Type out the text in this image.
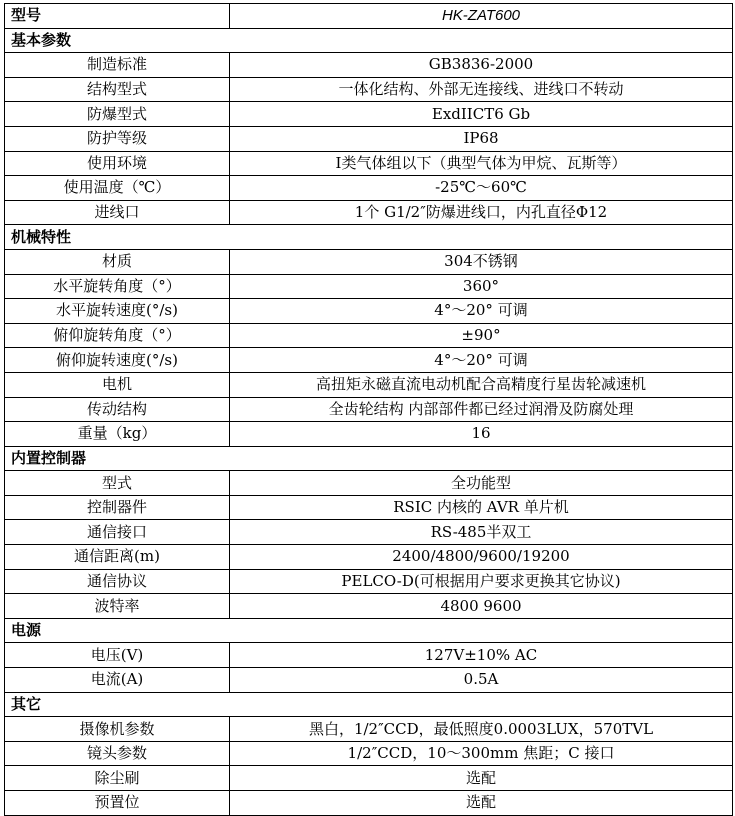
型号	HK-ZAT600
基本参数	
制造标准	GB3836-2000
结构型式	一体化结构、外部无连接线、进线口不转动
防爆型式	ExdIICT6 Gb
防护等级	IP68
使用环境	Ⅰ类气体组以下（典型气体为甲烷、瓦斯等）
使用温度（℃）	-25℃～60℃
进线口	1个 G1/2″防爆进线口，内孔直径Φ12
机械特性	
材质	304不锈钢
水平旋转角度（°）	360°
水平旋转速度(°/s)	4°～20° 可调
俯仰旋转角度（°）	±90°
俯仰旋转速度(°/s)	4°～20° 可调
电机	高扭矩永磁直流电动机配合高精度行星齿轮减速机
传动结构	全齿轮结构 内部部件都已经过润滑及防腐处理
重量（kg）	16
内置控制器	
型式	全功能型
控制器件	RSIC 内核的 AVR 单片机
通信接口	RS-485半双工
通信距离(m)	2400/4800/9600/19200
通信协议	PELCO-D(可根据用户要求更换其它协议)
波特率	4800 9600
电源	
电压(V)	127V±10% AC
电流(A)	0.5A
其它	
摄像机参数	黑白，1/2″CCD，最低照度0.0003LUX，570TVL
镜头参数	1/2″CCD，10～300mm 焦距；C 接口
除尘刷	选配
预置位	选配
